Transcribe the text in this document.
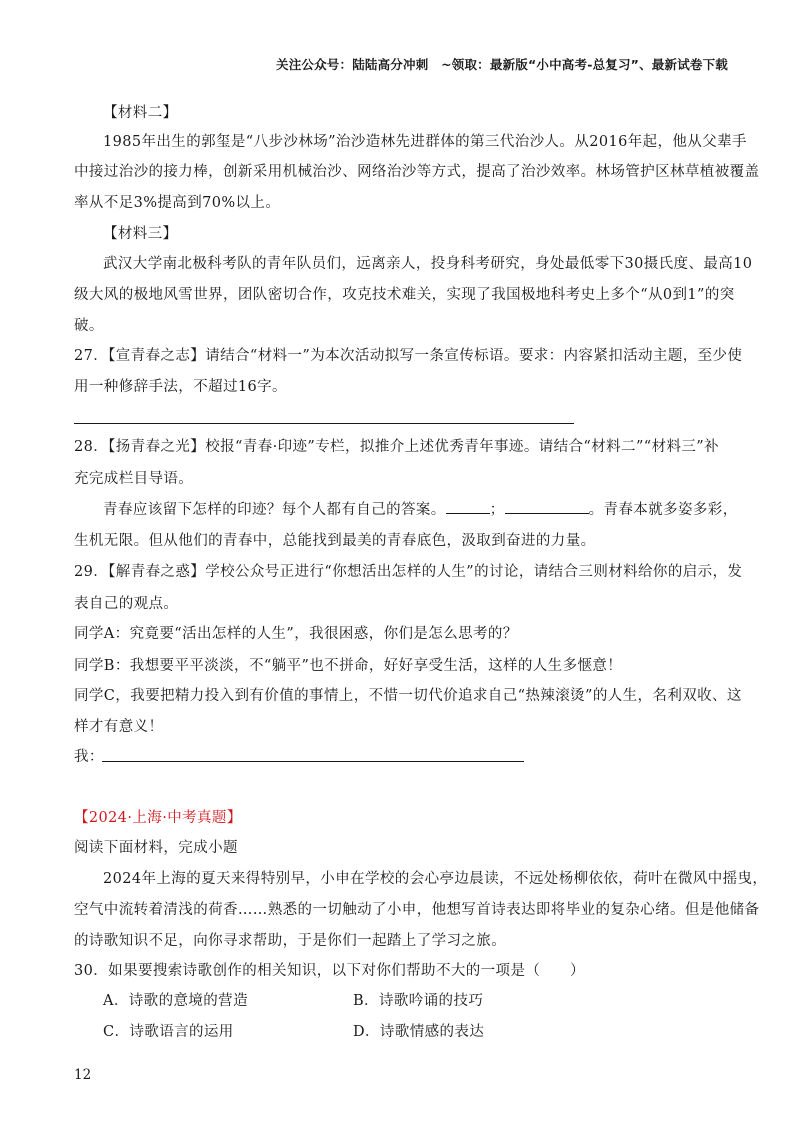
关注公众号：陆陆高分冲刺　~领取：最新版“小中高考-总复习”、最新试卷下载
【材料二】
1985年出生的郭玺是“八步沙林场”治沙造林先进群体的第三代治沙人。从2016年起，他从父辈手
中接过治沙的接力棒，创新采用机械治沙、网络治沙等方式，提高了治沙效率。林场管护区林草植被覆盖
率从不足3%提高到70%以上。
【材料三】
武汉大学南北极科考队的青年队员们，远离亲人，投身科考研究，身处最低零下30摄氏度、最高10
级大风的极地风雪世界，团队密切合作，攻克技术难关，实现了我国极地科考史上多个“从0到1”的突
破。
27．【宣青春之志】请结合“材料一”为本次活动拟写一条宣传标语。要求：内容紧扣活动主题，至少使
用一种修辞手法，不超过16字。
28．【扬青春之光】校报“青春·印迹”专栏，拟推介上述优秀青年事迹。请结合“材料二”“材料三”补
充完成栏目导语。
青春应该留下怎样的印迹？每个人都有自己的答案。	；	。青春本就多姿多彩，
生机无限。但从他们的青春中，总能找到最美的青春底色，汲取到奋进的力量。
29．【解青春之惑】学校公众号正进行“你想活出怎样的人生”的讨论，请结合三则材料给你的启示，发
表自己的观点。
同学A：究竟要“活出怎样的人生”，我很困惑，你们是怎么思考的？
同学B：我想要平平淡淡，不“躺平”也不拼命，好好享受生活，这样的人生多惬意！
同学C，我要把精力投入到有价值的事情上，不惜一切代价追求自己“热辣滚烫”的人生，名利双收、这
样才有意义！
我：
【2024·上海·中考真题】
阅读下面材料，完成小题
2024年上海的夏天来得特别早，小申在学校的会心亭边晨读，不远处杨柳依依，荷叶在微风中摇曳，
空气中流转着清浅的荷香……熟悉的一切触动了小申，他想写首诗表达即将毕业的复杂心绪。但是他储备
的诗歌知识不足，向你寻求帮助，于是你们一起踏上了学习之旅。
30．如果要搜索诗歌创作的相关知识，以下对你们帮助不大的一项是（　　）
A．诗歌的意境的营造	B．诗歌吟诵的技巧
C．诗歌语言的运用	D．诗歌情感的表达
12
